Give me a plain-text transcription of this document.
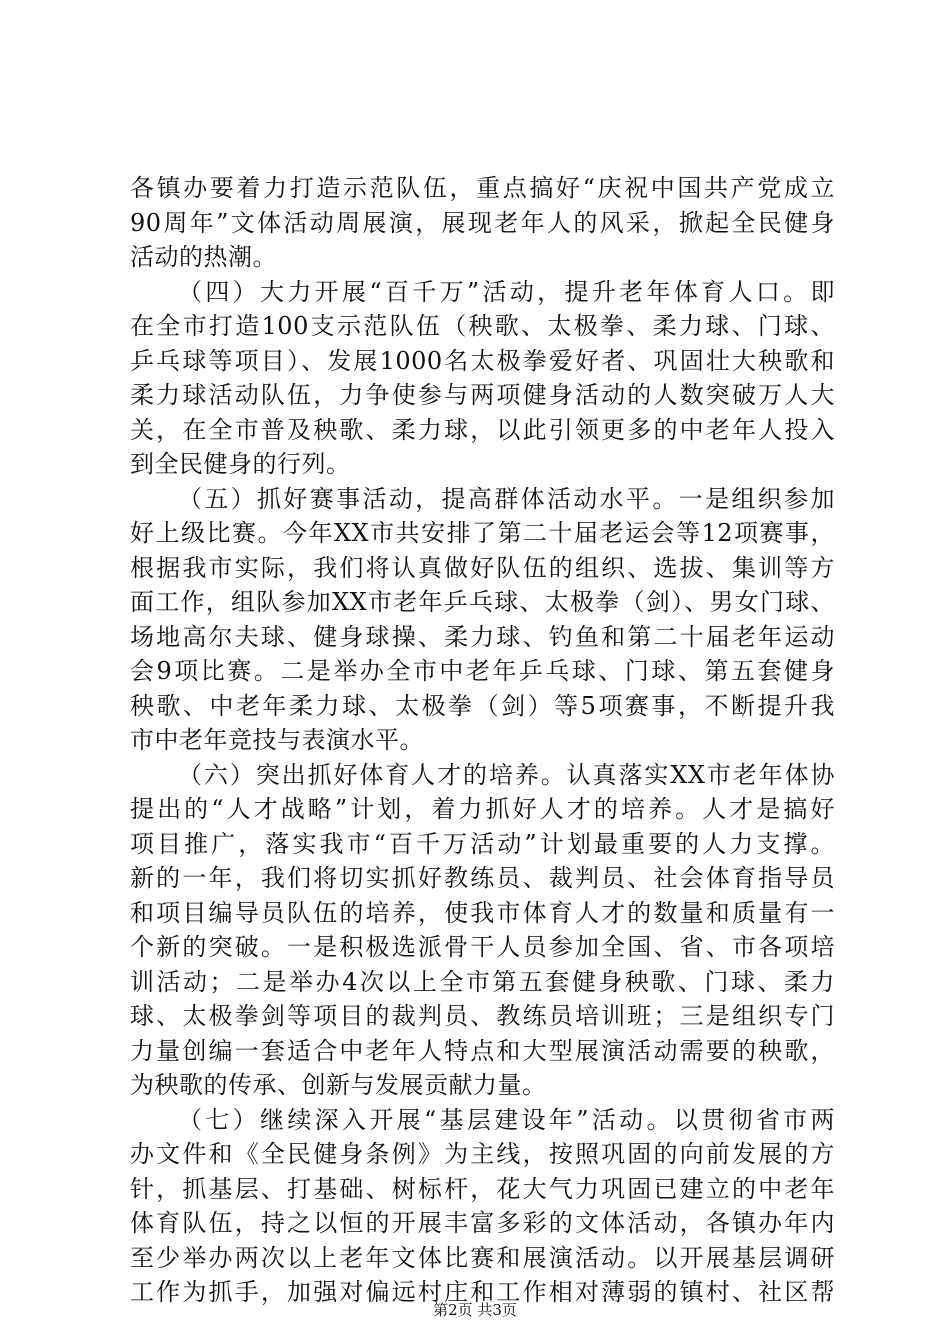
各镇办要着力打造示范队伍，重点搞好“庆祝中国共产党成立
90周年”文体活动周展演，展现老年人的风采，掀起全民健身
活动的热潮。
（四）大力开展“百千万”活动，提升老年体育人口。即
在全市打造100支示范队伍（秧歌、太极拳、柔力球、门球、
乒乓球等项目）、发展1000名太极拳爱好者、巩固壮大秧歌和
柔力球活动队伍，力争使参与两项健身活动的人数突破万人大
关，在全市普及秧歌、柔力球，以此引领更多的中老年人投入
到全民健身的行列。
（五）抓好赛事活动，提高群体活动水平。一是组织参加
好上级比赛。今年XX市共安排了第二十届老运会等12项赛事，
根据我市实际，我们将认真做好队伍的组织、选拔、集训等方
面工作，组队参加XX市老年乒乓球、太极拳（剑）、男女门球、
场地高尔夫球、健身球操、柔力球、钓鱼和第二十届老年运动
会9项比赛。二是举办全市中老年乒乓球、门球、第五套健身
秧歌、中老年柔力球、太极拳（剑）等5项赛事，不断提升我
市中老年竞技与表演水平。
（六）突出抓好体育人才的培养。认真落实XX市老年体协
提出的“人才战略”计划，着力抓好人才的培养。人才是搞好
项目推广，落实我市“百千万活动”计划最重要的人力支撑。
新的一年，我们将切实抓好教练员、裁判员、社会体育指导员
和项目编导员队伍的培养，使我市体育人才的数量和质量有一
个新的突破。一是积极选派骨干人员参加全国、省、市各项培
训活动；二是举办4次以上全市第五套健身秧歌、门球、柔力
球、太极拳剑等项目的裁判员、教练员培训班；三是组织专门
力量创编一套适合中老年人特点和大型展演活动需要的秧歌，
为秧歌的传承、创新与发展贡献力量。
（七）继续深入开展“基层建设年”活动。以贯彻省市两
办文件和《全民健身条例》为主线，按照巩固的向前发展的方
针，抓基层、打基础、树标杆，花大气力巩固已建立的中老年
体育队伍，持之以恒的开展丰富多彩的文体活动，各镇办年内
至少举办两次以上老年文体比赛和展演活动。以开展基层调研
工作为抓手，加强对偏远村庄和工作相对薄弱的镇村、社区帮
第2页 共3页
